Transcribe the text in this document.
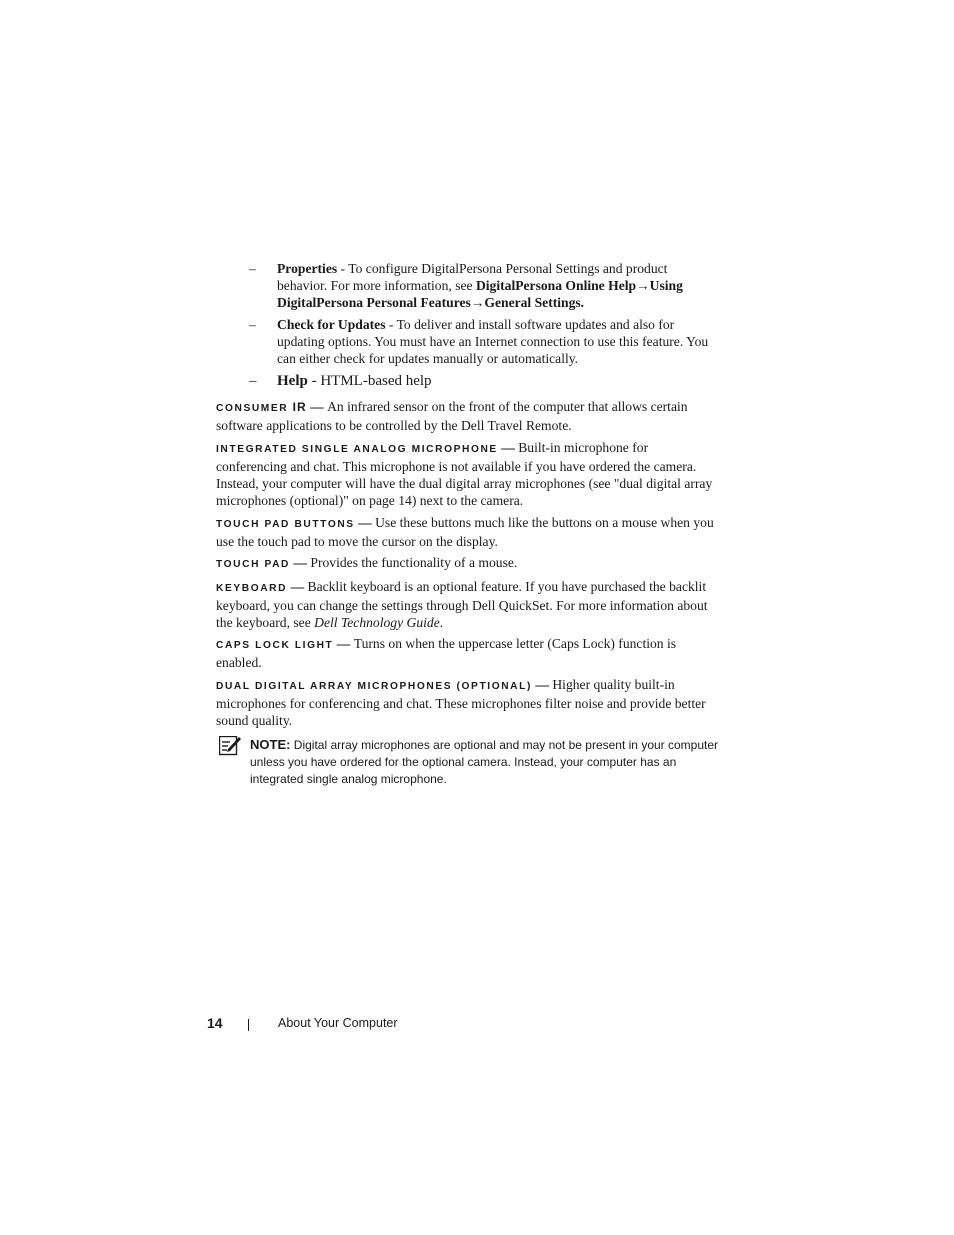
– Properties - To configure DigitalPersona Personal Settings and product behavior. For more information, see DigitalPersona Online Help→Using DigitalPersona Personal Features→General Settings.
– Check for Updates - To deliver and install software updates and also for updating options. You must have an Internet connection to use this feature. You can either check for updates manually or automatically.
– Help - HTML-based help
CONSUMER IR — An infrared sensor on the front of the computer that allows certain software applications to be controlled by the Dell Travel Remote.
INTEGRATED SINGLE ANALOG MICROPHONE — Built-in microphone for conferencing and chat. This microphone is not available if you have ordered the camera. Instead, your computer will have the dual digital array microphones (see "dual digital array microphones (optional)" on page 14) next to the camera.
TOUCH PAD BUTTONS — Use these buttons much like the buttons on a mouse when you use the touch pad to move the cursor on the display.
TOUCH PAD — Provides the functionality of a mouse.
KEYBOARD — Backlit keyboard is an optional feature. If you have purchased the backlit keyboard, you can change the settings through Dell QuickSet. For more information about the keyboard, see Dell Technology Guide.
CAPS LOCK LIGHT — Turns on when the uppercase letter (Caps Lock) function is enabled.
DUAL DIGITAL ARRAY MICROPHONES (OPTIONAL) — Higher quality built-in microphones for conferencing and chat. These microphones filter noise and provide better sound quality.
NOTE: Digital array microphones are optional and may not be present in your computer unless you have ordered for the optional camera. Instead, your computer has an integrated single analog microphone.
14	About Your Computer
